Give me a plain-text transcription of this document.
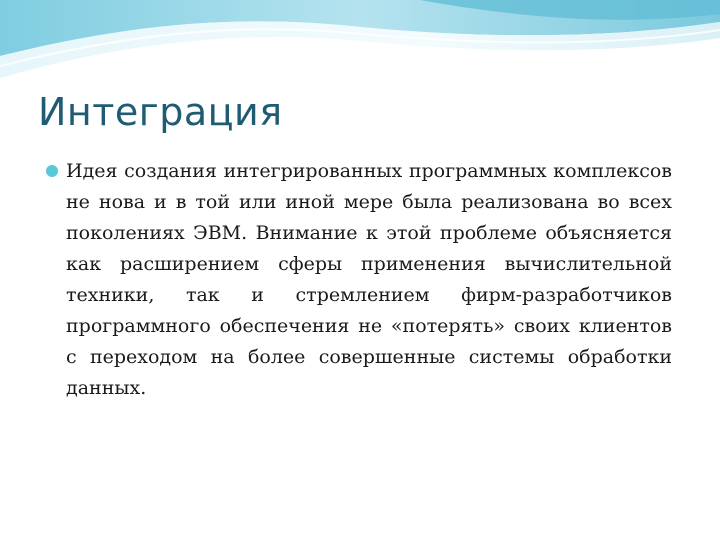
Интеграция
Идея создания интегрированных программных комплексов не нова и в той или иной мере была реализована во всех поколениях ЭВМ. Внимание к этой проблеме объясняется как расширением сферы применения вычислительной техники, так и стремлением фирм-разработчиков программного обеспечения не «потерять» своих клиентов с переходом на более совершенные системы обработки данных.
